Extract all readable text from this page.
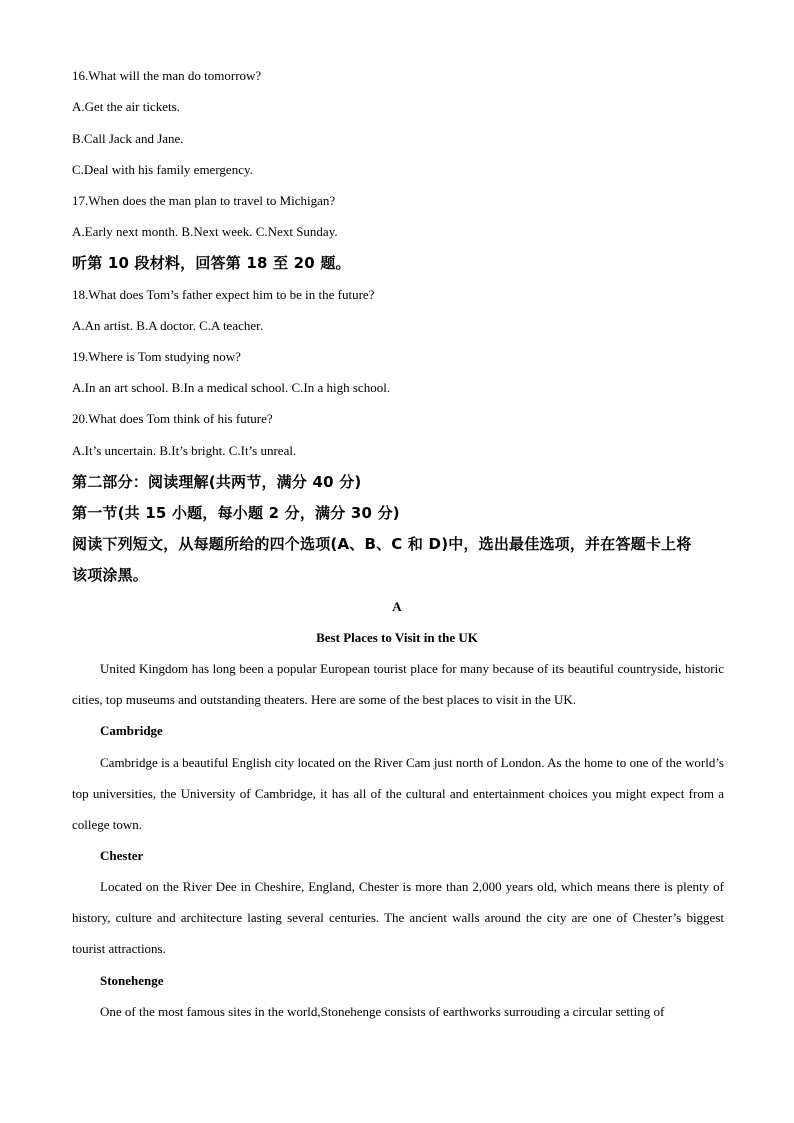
16.What will the man do tomorrow?
A.Get the air tickets.
B.Call Jack and Jane.
C.Deal with his family emergency.
17.When does the man plan to travel to Michigan?
A.Early next month. B.Next week. C.Next Sunday.
听第 10 段材料，回答第 18 至 20 题。
18.What does Tom’s father expect him to be in the future?
A.An artist. B.A doctor. C.A teacher.
19.Where is Tom studying now?
A.In an art school. B.In a medical school. C.In a high school.
20.What does Tom think of his future?
A.It’s uncertain. B.It’s bright. C.It’s unreal.
第二部分：阅读理解(共两节，满分 40 分)
第一节(共 15 小题，每小题 2 分，满分 30 分)
阅读下列短文，从每题所给的四个选项(A、B、C 和 D)中，选出最佳选项，并在答题卡上将
该项涂黑。
A
Best Places to Visit in the UK
United Kingdom has long been a popular European tourist place for many because of its beautiful countryside, historic cities, top museums and outstanding theaters. Here are some of the best places to visit in the UK.
Cambridge
Cambridge is a beautiful English city located on the River Cam just north of London. As the home to one of the world’s top universities, the University of Cambridge, it has all of the cultural and entertainment choices you might expect from a college town.
Chester
Located on the River Dee in Cheshire, England, Chester is more than 2,000 years old, which means there is plenty of history, culture and architecture lasting several centuries. The ancient walls around the city are one of Chester’s biggest tourist attractions.
Stonehenge
One of the most famous sites in the world,Stonehenge consists of earthworks surrouding a circular setting of
